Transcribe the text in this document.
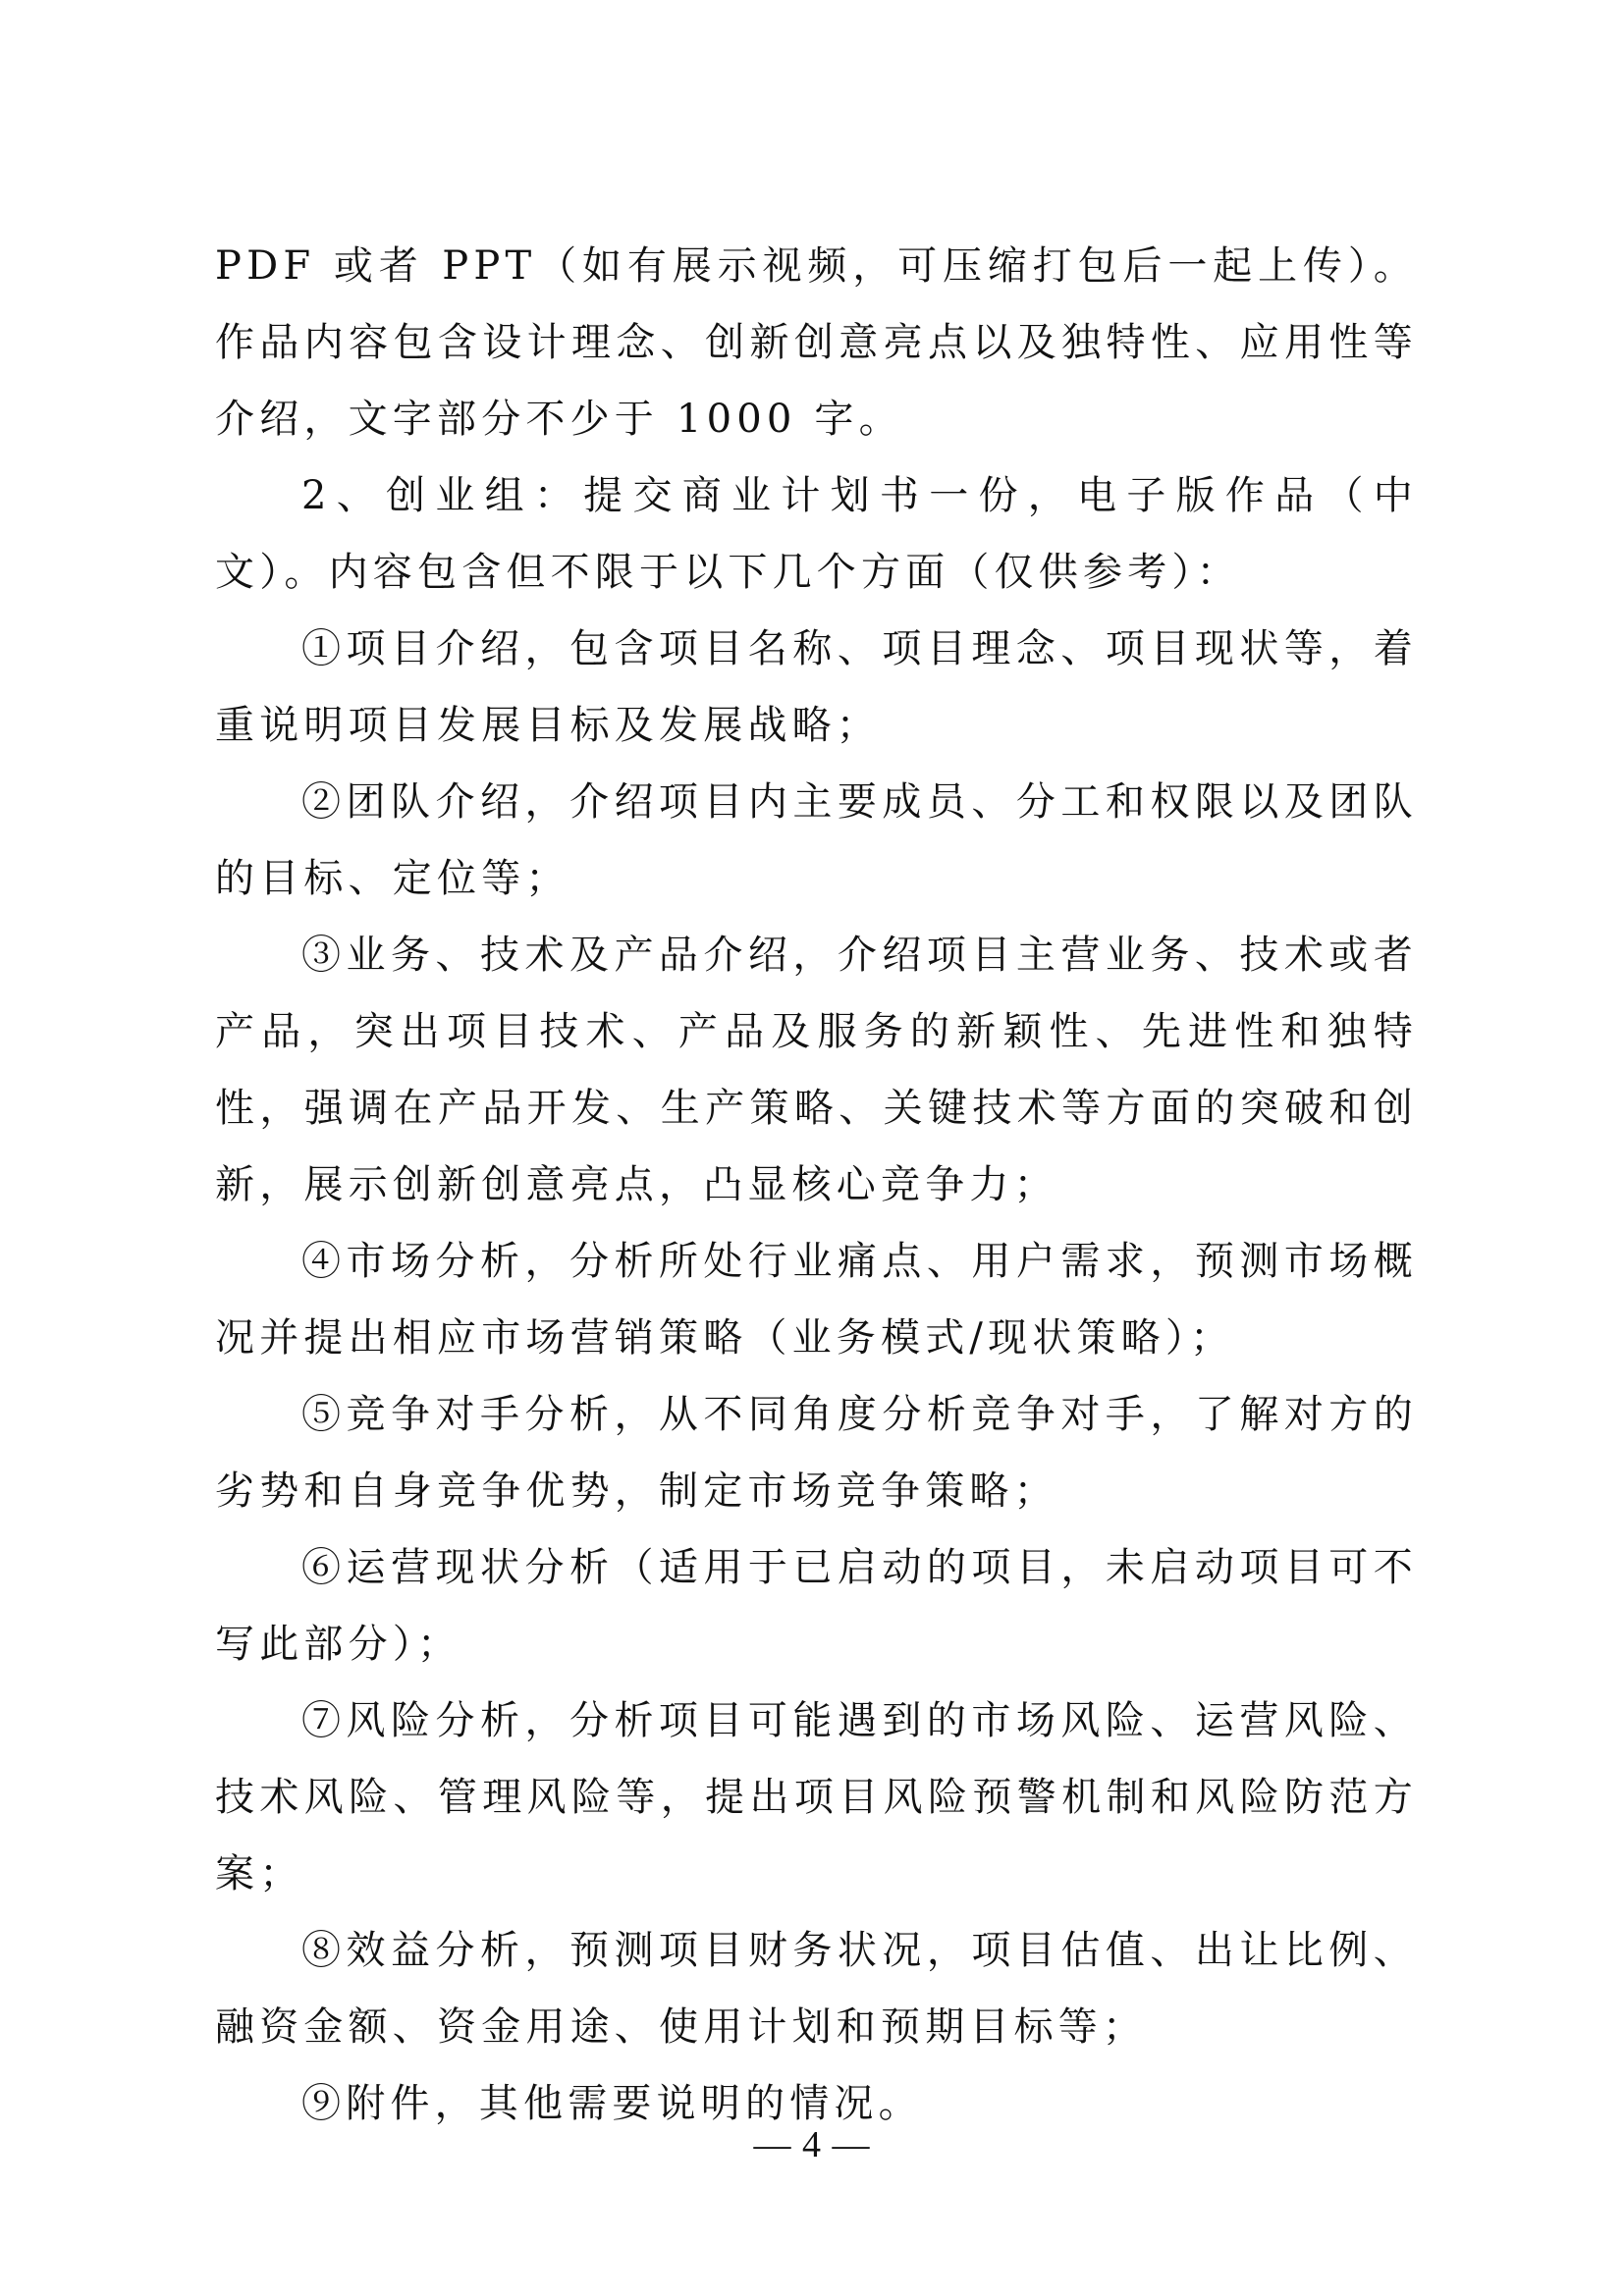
PDF 或者 PPT（如有展示视频，可压缩打包后一起上传）。作品内容包含设计理念、创新创意亮点以及独特性、应用性等介绍，文字部分不少于 1000 字。

2、创业组：提交商业计划书一份，电子版作品（中文）。内容包含但不限于以下几个方面（仅供参考）：

①项目介绍，包含项目名称、项目理念、项目现状等，着重说明项目发展目标及发展战略；

②团队介绍，介绍项目内主要成员、分工和权限以及团队的目标、定位等；

③业务、技术及产品介绍，介绍项目主营业务、技术或者产品，突出项目技术、产品及服务的新颖性、先进性和独特性，强调在产品开发、生产策略、关键技术等方面的突破和创新，展示创新创意亮点，凸显核心竞争力；

④市场分析，分析所处行业痛点、用户需求，预测市场概况并提出相应市场营销策略（业务模式/现状策略）；

⑤竞争对手分析，从不同角度分析竞争对手，了解对方的劣势和自身竞争优势，制定市场竞争策略；

⑥运营现状分析（适用于已启动的项目，未启动项目可不写此部分）；

⑦风险分析，分析项目可能遇到的市场风险、运营风险、技术风险、管理风险等，提出项目风险预警机制和风险防范方案；

⑧效益分析，预测项目财务状况，项目估值、出让比例、融资金额、资金用途、使用计划和预期目标等；

⑨附件，其他需要说明的情况。

— 4 —
